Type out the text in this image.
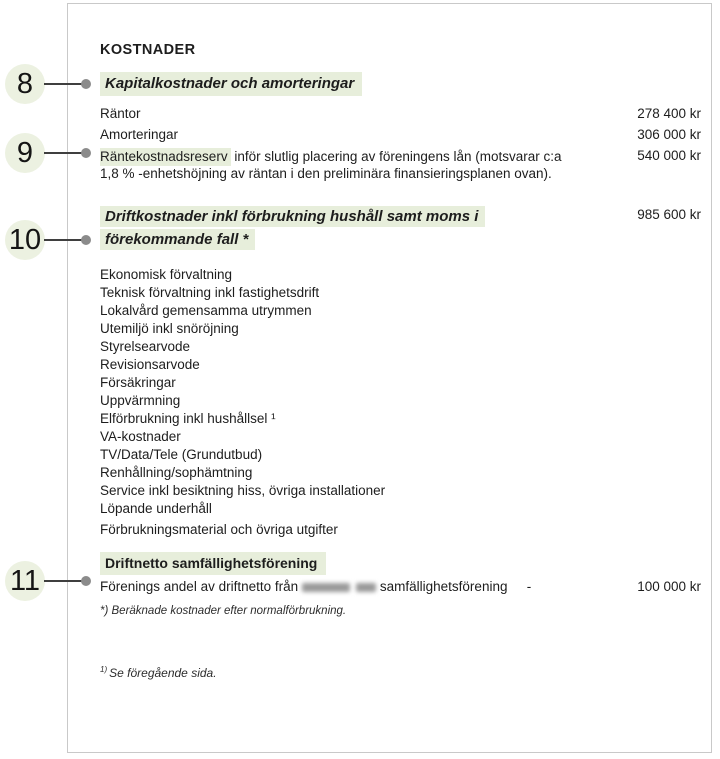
KOSTNADER
Kapitalkostnader och amorteringar
Räntor	278 400 kr
Amorteringar	306 000 kr
Räntekostnadsreserv inför slutlig placering av föreningens lån (motsvarar c:a 1,8 % -enhetshöjning av räntan i den preliminära finansieringsplanen ovan).
540 000 kr
Driftkostnader inkl förbrukning hushåll samt moms i förekommande fall *
985 600 kr
Ekonomisk förvaltning
Teknisk förvaltning inkl fastighetsdrift
Lokalvård gemensamma utrymmen
Utemiljö inkl snöröjning
Styrelsearvode
Revisionsarvode
Försäkringar
Uppvärmning
Elförbrukning inkl hushållsel ¹
VA-kostnader
TV/Data/Tele (Grundutbud)
Renhållning/sophämtning
Service inkl besiktning hiss, övriga installationer
Löpande underhåll
Förbrukningsmaterial och övriga utgifter
Driftnetto samfällighetsförening
Förenings andel av driftnetto från	samfällighetsförening	-	100 000 kr
*) Beräknade kostnader efter normalförbrukning.
$^{1)}$ Se föregående sida.
8
9
10
11
